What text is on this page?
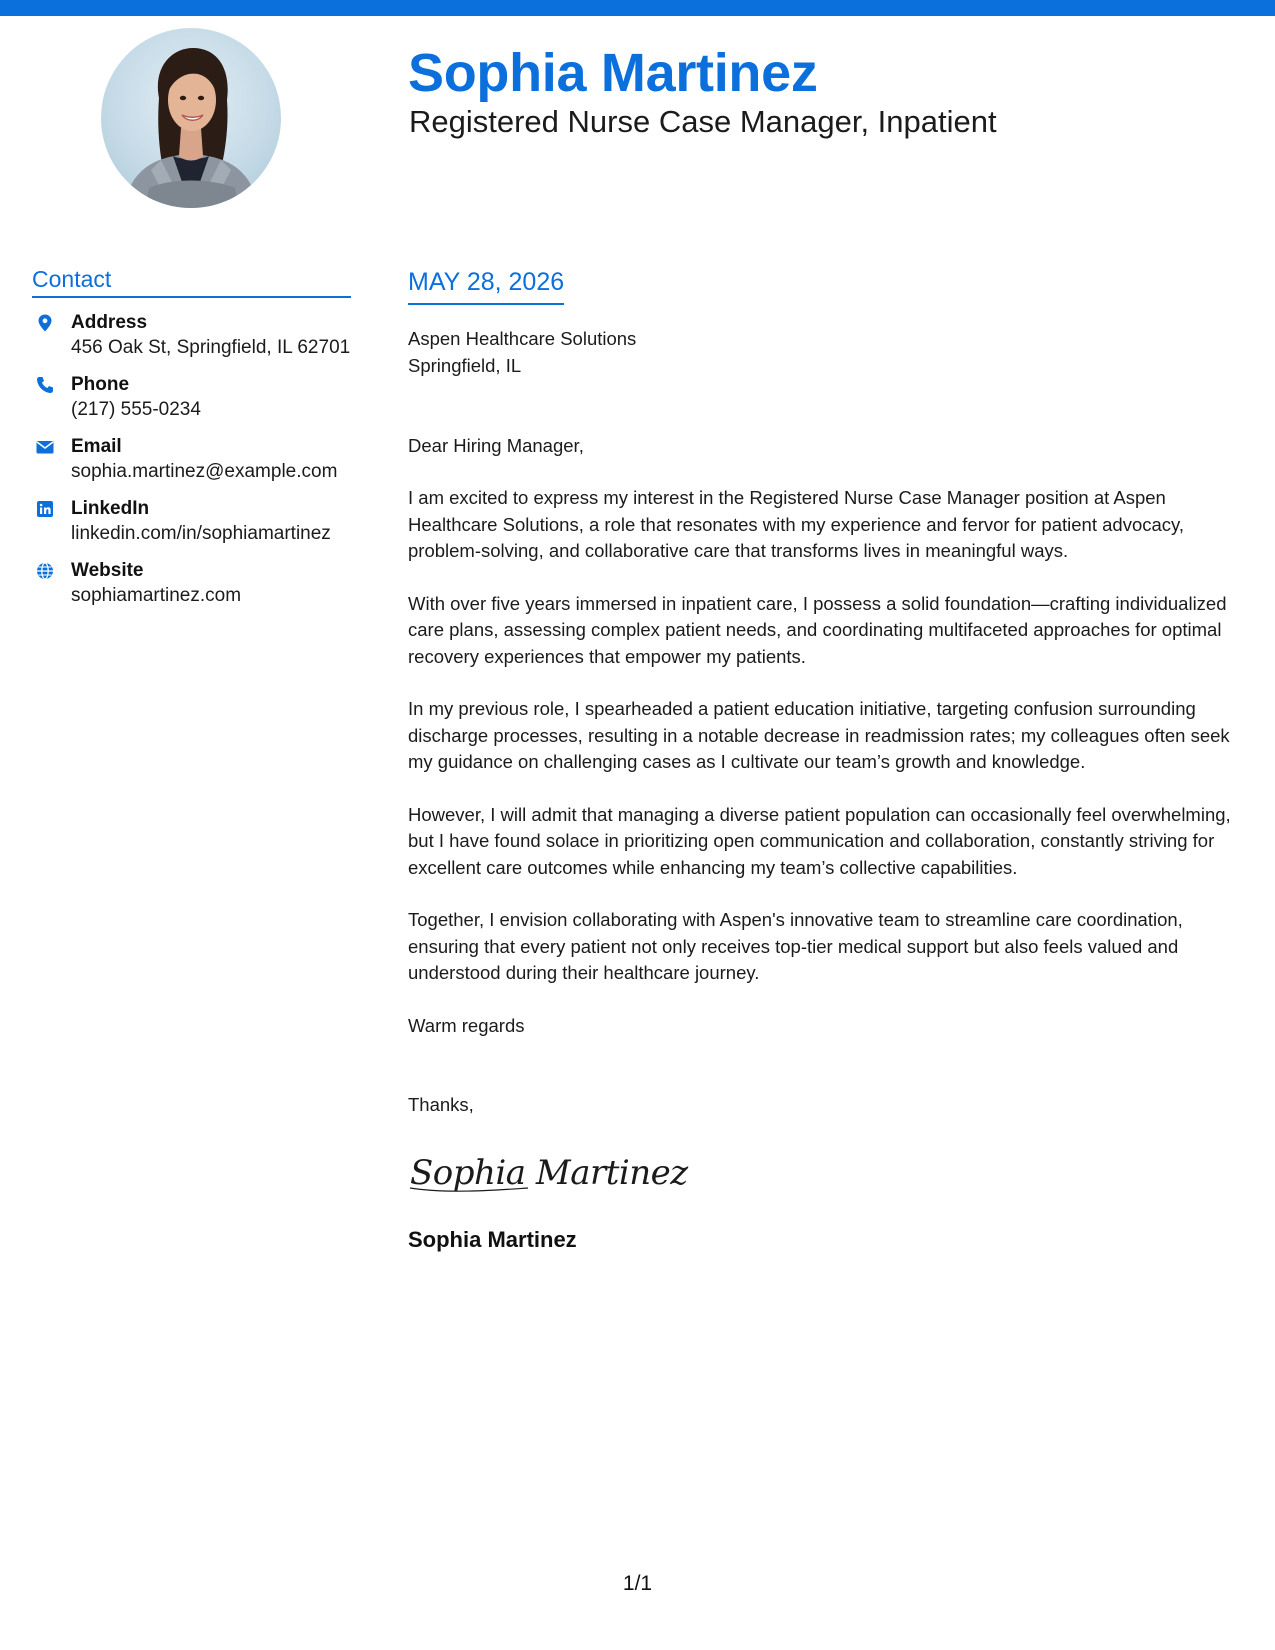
Sophia Martinez
Registered Nurse Case Manager, Inpatient
Contact
Address
456 Oak St, Springfield, IL 62701
Phone
(217) 555-0234
Email
sophia.martinez@example.com
LinkedIn
linkedin.com/in/sophiamartinez
Website
sophiamartinez.com
MAY 28, 2026
Aspen Healthcare Solutions
Springfield, IL
Dear Hiring Manager,
I am excited to express my interest in the Registered Nurse Case Manager position at Aspen Healthcare Solutions, a role that resonates with my experience and fervor for patient advocacy, problem-solving, and collaborative care that transforms lives in meaningful ways.
With over five years immersed in inpatient care, I possess a solid foundation—crafting individualized care plans, assessing complex patient needs, and coordinating multifaceted approaches for optimal recovery experiences that empower my patients.
In my previous role, I spearheaded a patient education initiative, targeting confusion surrounding discharge processes, resulting in a notable decrease in readmission rates; my colleagues often seek my guidance on challenging cases as I cultivate our team’s growth and knowledge.
However, I will admit that managing a diverse patient population can occasionally feel overwhelming, but I have found solace in prioritizing open communication and collaboration, constantly striving for excellent care outcomes while enhancing my team’s collective capabilities.
Together, I envision collaborating with Aspen's innovative team to streamline care coordination, ensuring that every patient not only receives top-tier medical support but also feels valued and understood during their healthcare journey.
Warm regards
Thanks,
Sophia Martinez
Sophia Martinez
1/1
